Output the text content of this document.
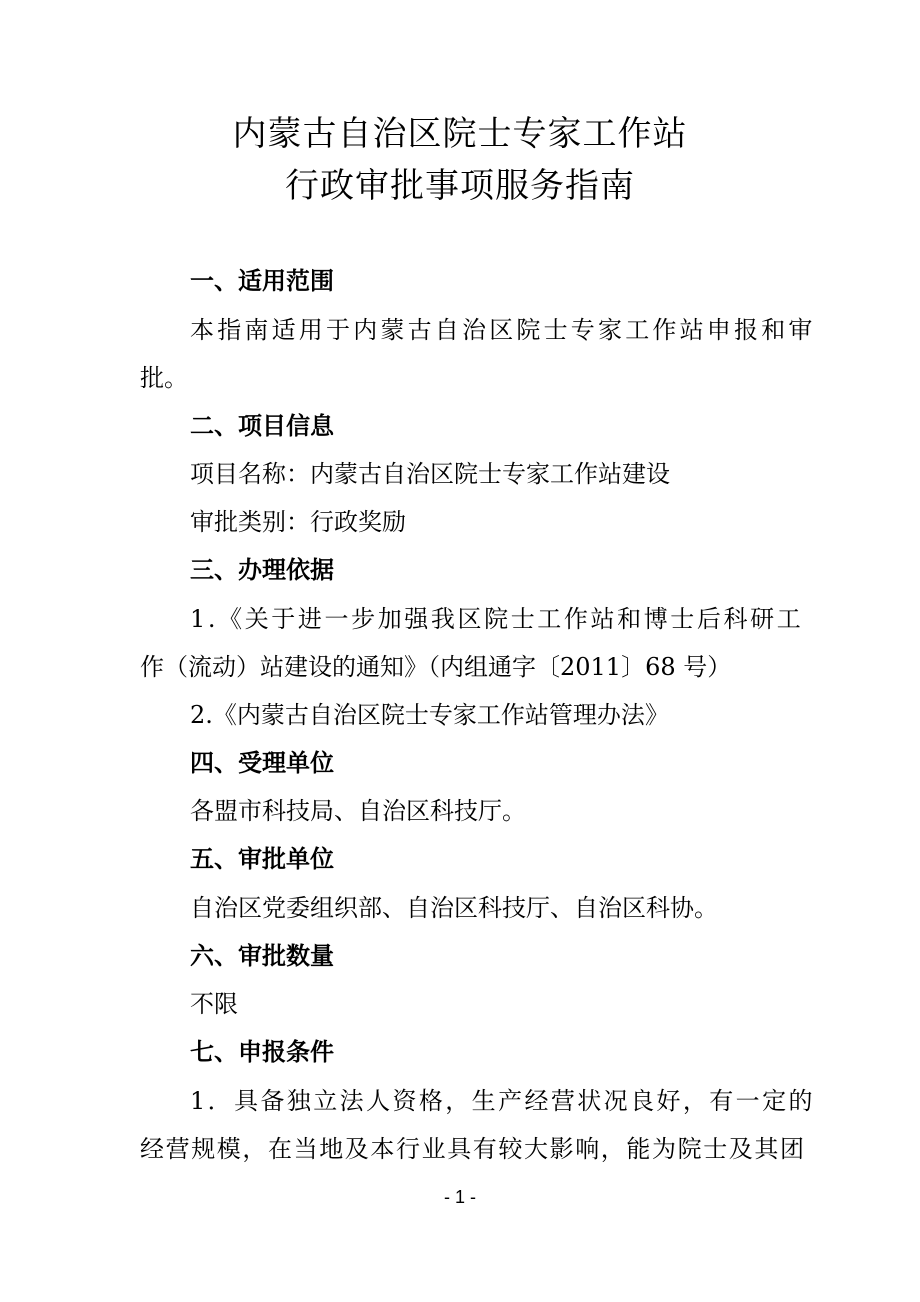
内蒙古自治区院士专家工作站
行政审批事项服务指南
一、适用范围
本指南适用于内蒙古自治区院士专家工作站申报和审
批。
二、项目信息
项目名称：内蒙古自治区院士专家工作站建设
审批类别：行政奖励
三、办理依据
1.《关于进一步加强我区院士工作站和博士后科研工
作（流动）站建设的通知》（内组通字〔2011〕68 号）
2.《内蒙古自治区院士专家工作站管理办法》
四、受理单位
各盟市科技局、自治区科技厅。
五、审批单位
自治区党委组织部、自治区科技厅、自治区科协。
六、审批数量
不限
七、申报条件
1．具备独立法人资格，生产经营状况良好，有一定的
经营规模，在当地及本行业具有较大影响，能为院士及其团
- 1 -
